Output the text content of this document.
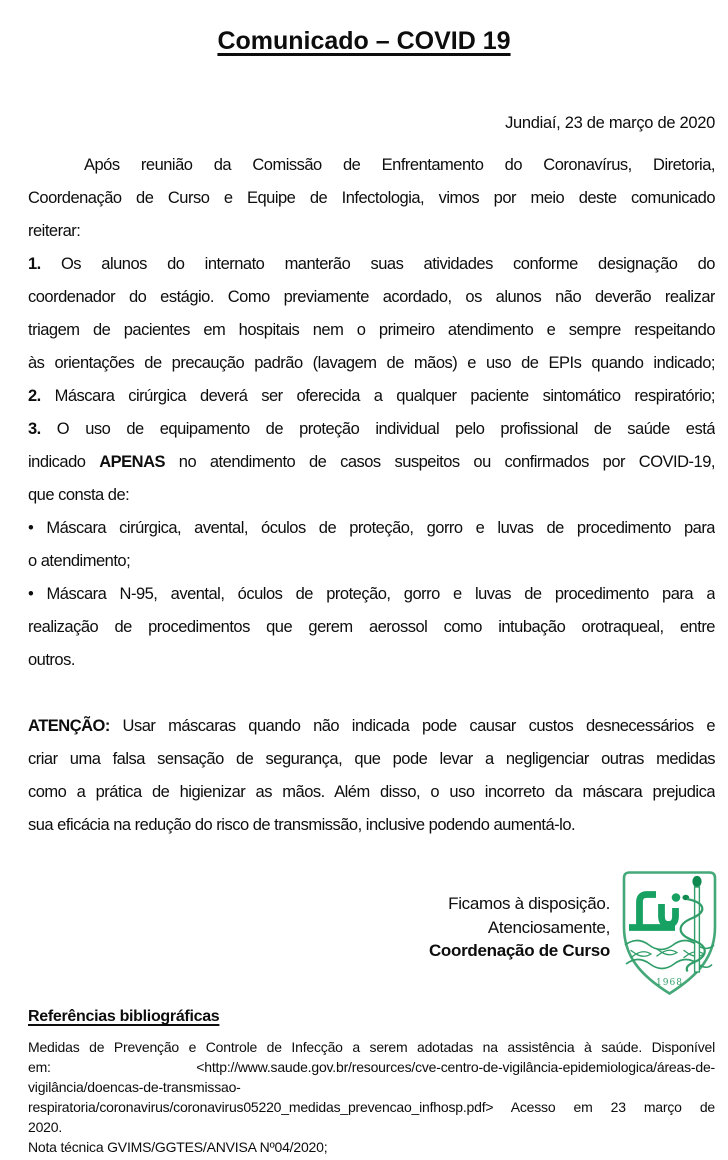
Comunicado – COVID 19
Jundiaí, 23 de março de 2020
Após reunião da Comissão de Enfrentamento do Coronavírus, Diretoria,
Coordenação de Curso e Equipe de Infectologia, vimos por meio deste comunicado
reiterar:
1. Os alunos do internato manterão suas atividades conforme designação do
coordenador do estágio. Como previamente acordado, os alunos não deverão realizar
triagem de pacientes em hospitais nem o primeiro atendimento e sempre respeitando
às orientações de precaução padrão (lavagem de mãos) e uso de EPIs quando indicado;
2. Máscara cirúrgica deverá ser oferecida a qualquer paciente sintomático respiratório;
3. O uso de equipamento de proteção individual pelo profissional de saúde está
indicado APENAS no atendimento de casos suspeitos ou confirmados por COVID-19,
que consta de:
• Máscara cirúrgica, avental, óculos de proteção, gorro e luvas de procedimento para
o atendimento;
• Máscara N-95, avental, óculos de proteção, gorro e luvas de procedimento para a
realização de procedimentos que gerem aerossol como intubação orotraqueal, entre
outros.
ATENÇÃO: Usar máscaras quando não indicada pode causar custos desnecessários e
criar uma falsa sensação de segurança, que pode levar a negligenciar outras medidas
como a prática de higienizar as mãos. Além disso, o uso incorreto da máscara prejudica
sua eficácia na redução do risco de transmissão, inclusive podendo aumentá-lo.
Ficamos à disposição.
Atenciosamente,
Coordenação de Curso
1968
Referências bibliográficas
Medidas de Prevenção e Controle de Infecção a serem adotadas na assistência à saúde. Disponível
em: <http://www.saude.gov.br/resources/cve-centro-de-vigilância-epidemiologica/áreas-de-
vigilância/doencas-de-transmissao-
respiratoria/coronavirus/coronavirus05220_medidas_prevencao_infhosp.pdf> Acesso em 23 março de
2020.
Nota técnica GVIMS/GGTES/ANVISA Nº04/2020;
